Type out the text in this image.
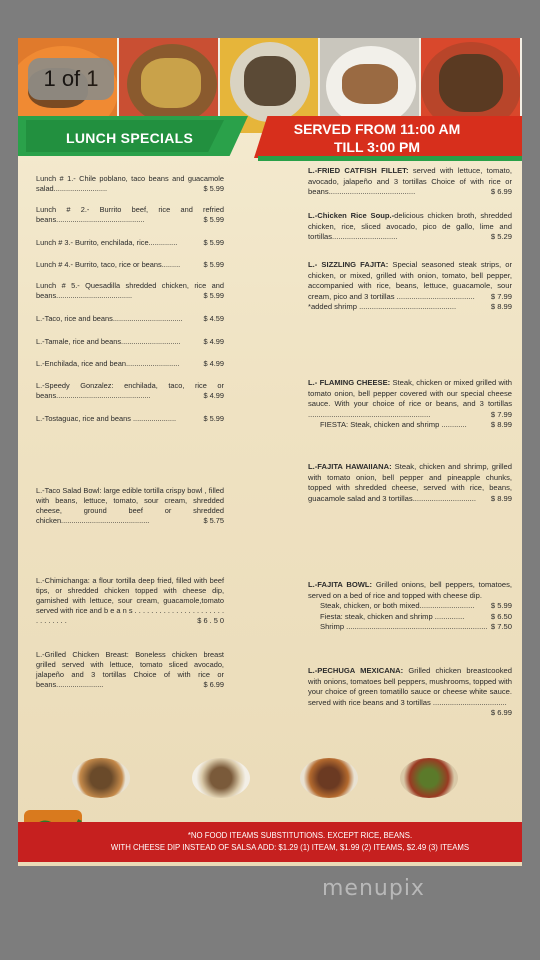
1 of 1
LUNCH SPECIALS
SERVED FROM 11:00 AM
TILL 3:00 PM
Lunch # 1.- Chile poblano, taco beans and guacamole salad..........................	$ 5.99
Lunch # 2.- Burrito beef, rice and refried beans...........................................	$ 5.99
Lunch # 3.- Burrito, enchilada, rice..............	$ 5.99
Lunch # 4.- Burrito, taco, rice or beans.........	$ 5.99
Lunch # 5.- Quesadilla shredded chicken, rice and beans.....................................	$ 5.99
L.-Taco, rice and beans..................................	$ 4.59
L.-Tamale, rice and beans.............................	$ 4.99
L.-Enchilada, rice and bean..........................	$ 4.99
L.-Speedy Gonzalez: enchilada, taco, rice or beans..............................................	$ 4.99
L.-Tostaguac, rice and beans .....................	$ 5.99
L.-Taco Salad Bowl: large edible tortilla crispy bowl , filled with beans, lettuce, tomato, sour cream, shredded cheese, ground beef or shredded chicken...........................................	$ 5.75
L.-Chimichanga: a flour tortilla deep fried, filled with beef tips, or shredded chicken topped with cheese dip, garnished with lettuce, sour cream, guacamole,tomato served with rice and b e a n s . . . . . . . . . . . . . . . . . . . . . . . . . . . . . .	$ 6 . 5 0
L.-Grilled Chicken Breast: Boneless chicken breast grilled served with lettuce, tomato sliced avocado, jalapeño and 3 tortillas Choice of with rice or beans.......................	$ 6.99
L.-FRIED CATFISH FILLET: served with lettuce, tomato, avocado, jalapeño and 3 tortillas Choice of with rice or beans.........................................	$ 6.99
L.-Chicken Rice Soup.-delicious chicken broth, shredded chicken, rice, sliced avocado, pico de gallo, lime and tortillas...............................	$ 5.29
L.- SIZZLING FAJITA: Special seasoned steak strips, or chicken, or mixed, grilled with onion, tomato, bell pepper, accompanied with rice, beans, lettuce, guacamole, sour cream, pico and 3 tortillas ..................................... $ 7.99
*added shrimp ..............................................	$ 8.99
L.- FLAMING CHEESE: Steak, chicken or mixed grilled with tomato onion, bell pepper covered with our special cheese sauce. With your choice of rice or beans, and 3 tortillas ..........................................................	$ 7.99
FIESTA: Steak, chicken and shrimp ............	$ 8.99
L.-FAJITA HAWAIIANA: Steak, chicken and shrimp, grilled with tomato onion, bell pepper and pineapple chunks, topped with shredded cheese, served with rice, beans, guacamole salad and 3 tortillas.............................. $ 8.99
L.-FAJITA BOWL: Grilled onions, bell peppers, tomatoes, served on a bed of rice and topped with cheese dip.
Steak, chicken, or both mixed.......................... $ 5.99
Fiesta: steak, chicken and shrimp ..............	$ 6.50
Shrimp ................................................................... $ 7.50
L.-PECHUGA MEXICANA: Grilled chicken breastcooked with onions, tomatoes bell peppers, mushrooms, topped with your choice of green tomatillo sauce or cheese white sauce. served with rice beans and 3 tortillas ...................................
$ 6.99
*NO FOOD ITEAMS SUBSTITUTIONS. EXCEPT RICE, BEANS.
WITH CHEESE DIP INSTEAD OF SALSA ADD: $1.29 (1) ITEAM, $1.99 (2) ITEAMS, $2.49 (3) ITEAMS
menupix
